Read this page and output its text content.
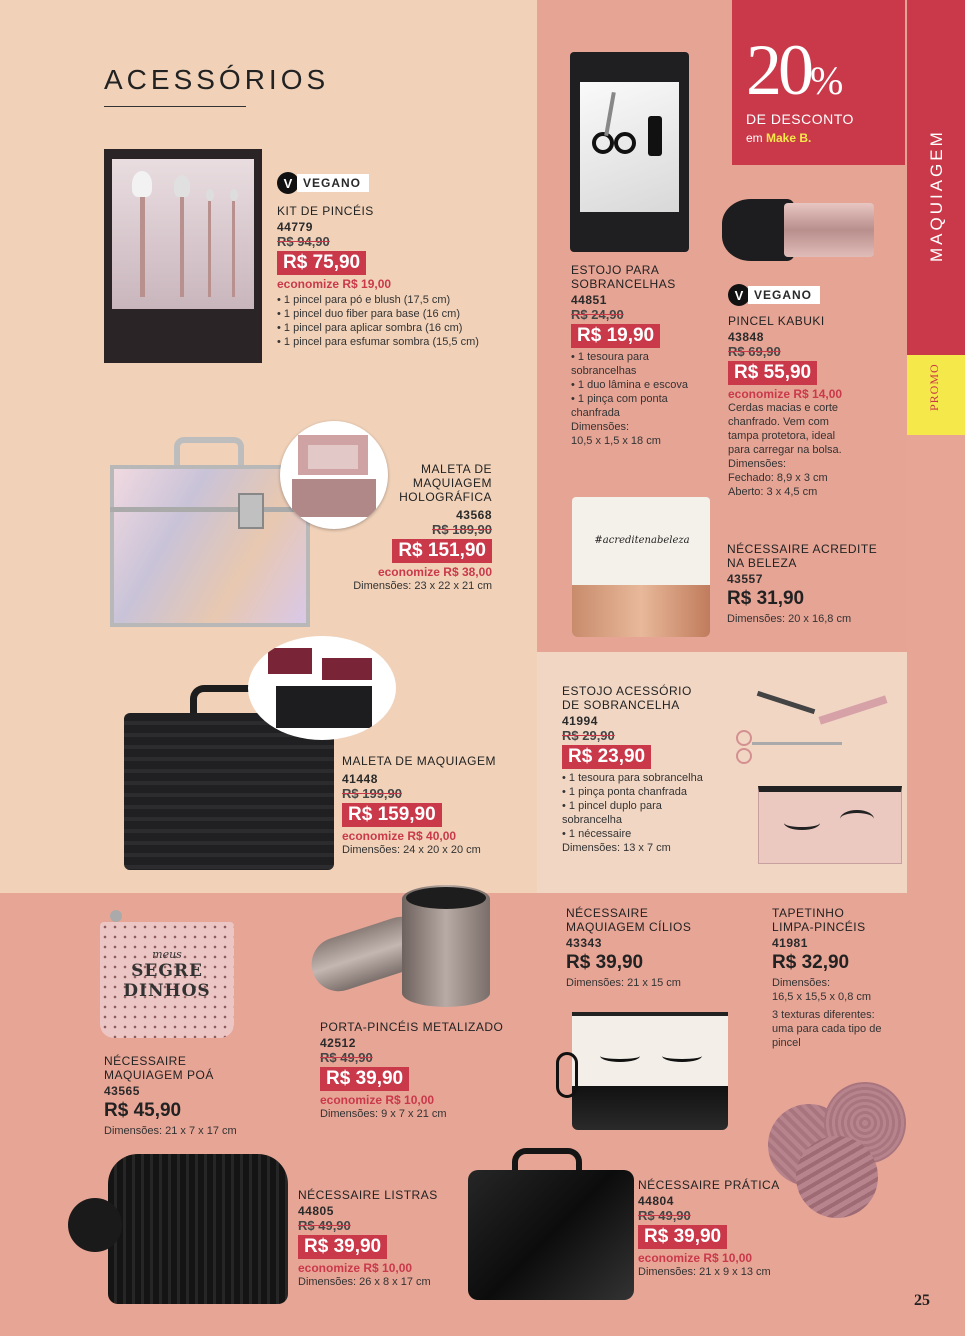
MAQUIAGEM
PROMO
20%
DE DESCONTO
em Make B.
ACESSÓRIOS
#acreditenabeleza
meus
SEGRE
DINHOS
V VEGANO
KIT DE PINCÉIS
44779
R$ 94,90
R$ 75,90
economize R$ 19,00
• 1 pincel para pó e blush (17,5 cm)
• 1 pincel duo fiber para base (16 cm)
• 1 pincel para aplicar sombra (16 cm)
• 1 pincel para esfumar sombra (15,5 cm)
ESTOJO PARA
SOBRANCELHAS
44851
R$ 24,90
R$ 19,90
• 1 tesoura para
sobrancelhas
• 1 duo lâmina e escova
• 1 pinça com ponta
chanfrada
Dimensões:
10,5 x 1,5 x 18 cm
V VEGANO
PINCEL KABUKI
43848
R$ 69,90
R$ 55,90
economize R$ 14,00
Cerdas macias e corte
chanfrado. Vem com
tampa protetora, ideal
para carregar na bolsa.
Dimensões:
Fechado: 8,9 x 3 cm
Aberto: 3 x 4,5 cm
MALETA DE
MAQUIAGEM
HOLOGRÁFICA
43568
R$ 189,90
R$ 151,90
economize R$ 38,00
Dimensões: 23 x 22 x 21 cm
NÉCESSAIRE ACREDITE
NA BELEZA
43557
R$ 31,90
Dimensões: 20 x 16,8 cm
MALETA DE MAQUIAGEM
41448
R$ 199,90
R$ 159,90
economize R$ 40,00
Dimensões: 24 x 20 x 20 cm
ESTOJO ACESSÓRIO
DE SOBRANCELHA
41994
R$ 29,90
R$ 23,90
• 1 tesoura para sobrancelha
• 1 pinça ponta chanfrada
• 1 pincel duplo para
sobrancelha
• 1 nécessaire
Dimensões: 13 x 7 cm
NÉCESSAIRE
MAQUIAGEM POÁ
43565
R$ 45,90
Dimensões: 21 x 7 x 17 cm
PORTA-PINCÉIS METALIZADO
42512
R$ 49,90
R$ 39,90
economize R$ 10,00
Dimensões: 9 x 7 x 21 cm
NÉCESSAIRE
MAQUIAGEM CÍLIOS
43343
R$ 39,90
Dimensões: 21 x 15 cm
TAPETINHO
LIMPA-PINCÉIS
41981
R$ 32,90
Dimensões:
16,5 x 15,5 x 0,8 cm
3 texturas diferentes:
uma para cada tipo de
pincel
NÉCESSAIRE LISTRAS
44805
R$ 49,90
R$ 39,90
economize R$ 10,00
Dimensões: 26 x 8 x 17 cm
NÉCESSAIRE PRÁTICA
44804
R$ 49,90
R$ 39,90
economize R$ 10,00
Dimensões: 21 x 9 x 13 cm
25
